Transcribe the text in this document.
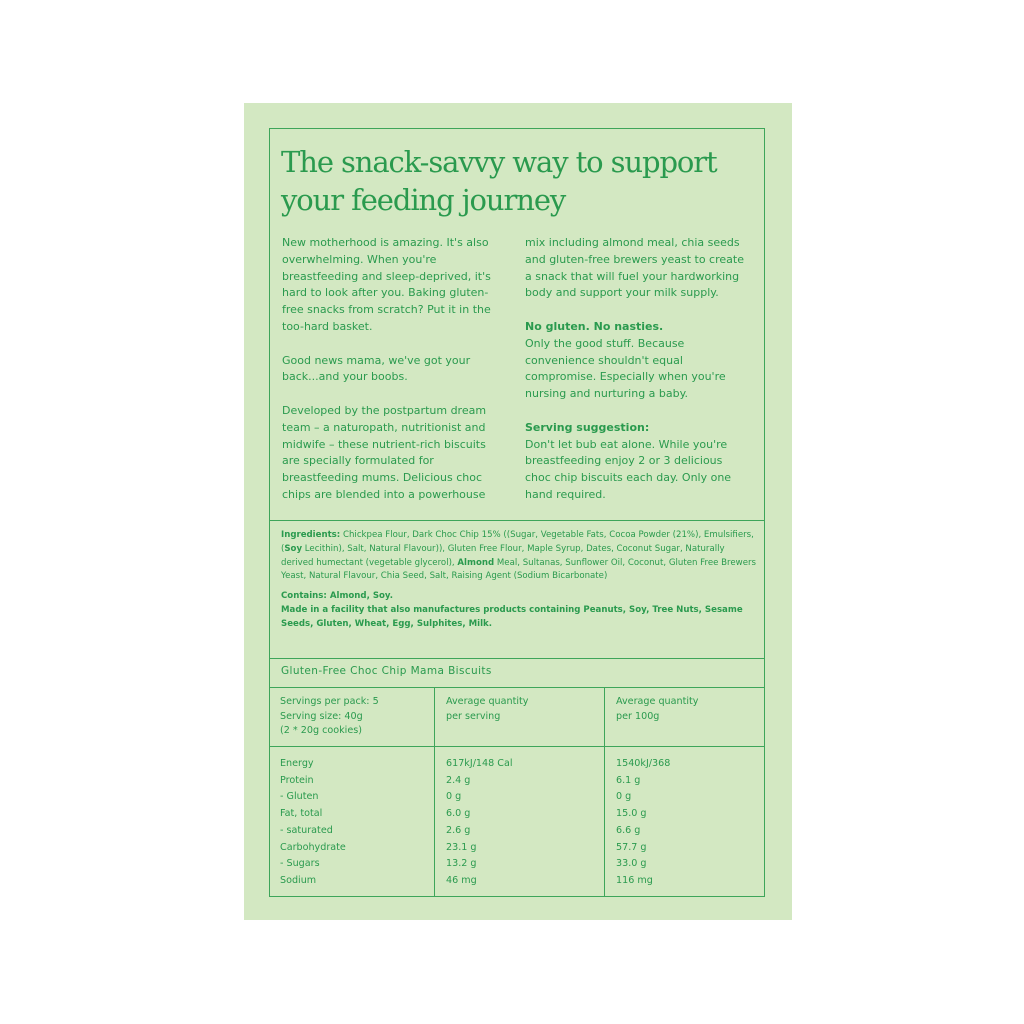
The snack-savvy way to support your feeding journey

New motherhood is amazing. It's also overwhelming. When you're breastfeeding and sleep-deprived, it's hard to look after you. Baking gluten-free snacks from scratch? Put it in the too-hard basket.

Good news mama, we've got your back...and your boobs.

Developed by the postpartum dream team – a naturopath, nutritionist and midwife – these nutrient-rich biscuits are specially formulated for breastfeeding mums. Delicious choc chips are blended into a powerhouse

mix including almond meal, chia seeds and gluten-free brewers yeast to create a snack that will fuel your hardworking body and support your milk supply.

No gluten. No nasties.
Only the good stuff. Because convenience shouldn't equal compromise. Especially when you're nursing and nurturing a baby.

Serving suggestion:
Don't let bub eat alone. While you're breastfeeding enjoy 2 or 3 delicious choc chip biscuits each day. Only one hand required.

Ingredients: Chickpea Flour, Dark Choc Chip 15% ((Sugar, Vegetable Fats, Cocoa Powder (21%), Emulsifiers, (Soy Lecithin), Salt, Natural Flavour)), Gluten Free Flour, Maple Syrup, Dates, Coconut Sugar, Naturally derived humectant (vegetable glycerol), Almond Meal, Sultanas, Sunflower Oil, Coconut, Gluten Free Brewers Yeast, Natural Flavour, Chia Seed, Salt, Raising Agent (Sodium Bicarbonate)

Contains: Almond, Soy.
Made in a facility that also manufactures products containing Peanuts, Soy, Tree Nuts, Sesame Seeds, Gluten, Wheat, Egg, Sulphites, Milk.

Gluten-Free Choc Chip Mama Biscuits
Servings per pack: 5
Serving size: 40g
(2 * 20g cookies)
Average quantity
per serving
Average quantity
per 100g
Energy
Protein
- Gluten
Fat, total
- saturated
Carbohydrate
- Sugars
Sodium
617kJ/148 Cal
2.4 g
0 g
6.0 g
2.6 g
23.1 g
13.2 g
46 mg
1540kJ/368
6.1 g
0 g
15.0 g
6.6 g
57.7 g
33.0 g
116 mg
